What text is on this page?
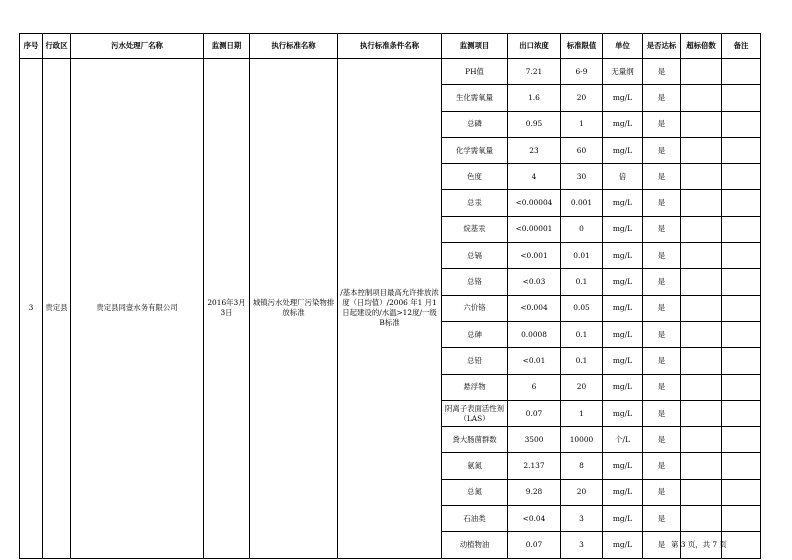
序号	行政区	污水处理厂名称	监测日期	执行标准名称	执行标准条件名称	监测项目	出口浓度	标准限值	单位	是否达标	超标倍数	备注
3	贵定县	贵定县同壹水务有限公司	2016年3月3日	城镇污水处理厂污染物排放标准	/基本控制项目最高允许排放浓度（日均值）/2006 年1 月1 日起建设的/水温>12度/一级B标准	PH值	7.21	6-9	无量纲	是		
						生化需氧量	1.6	20	mg/L	是		
						总磷	0.95	1	mg/L	是		
						化学需氧量	23	60	mg/L	是		
						色度	4	30	倍	是		
						总汞	<0.00004	0.001	mg/L	是		
						烷基汞	<0.00001	0	mg/L	是		
						总镉	<0.001	0.01	mg/L	是		
						总铬	<0.03	0.1	mg/L	是		
						六价铬	<0.004	0.05	mg/L	是		
						总砷	0.0008	0.1	mg/L	是		
						总铅	<0.01	0.1	mg/L	是		
						悬浮物	6	20	mg/L	是		
						阴离子表面活性剂（LAS）	0.07	1	mg/L	是		
						粪大肠菌群数	3500	10000	个/L	是		
						氨氮	2.137	8	mg/L	是		
						总氮	9.28	20	mg/L	是		
						石油类	<0.04	3	mg/L	是		
						动植物油	0.07	3	mg/L	是		第 3 页，共 7 页
